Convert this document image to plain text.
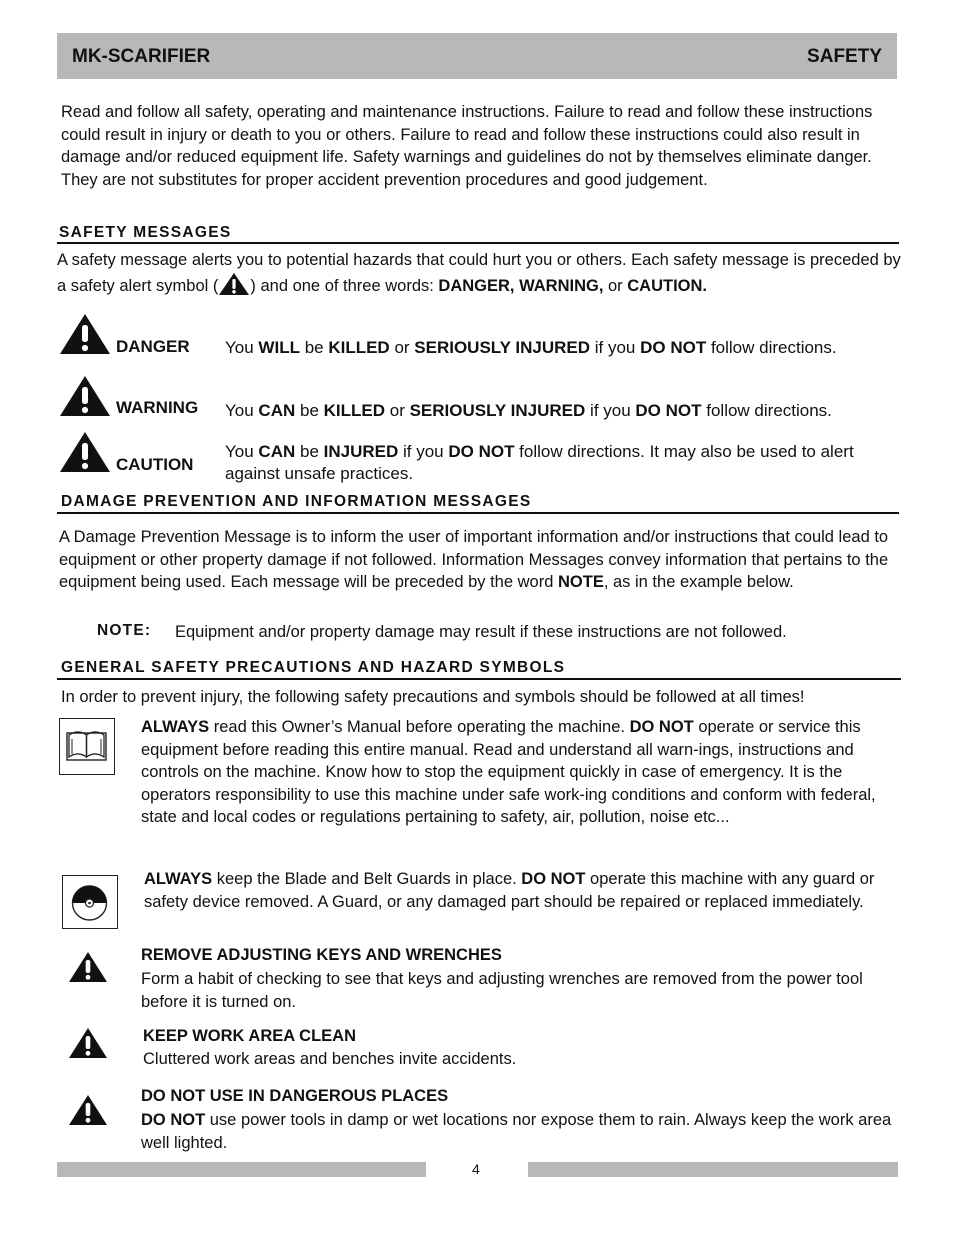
MK-SCARIFIER	SAFETY
Read and follow all safety, operating and maintenance instructions. Failure to read and follow these instructions could result in injury or death to you or others. Failure to read and follow these instructions could also result in damage and/or reduced equipment life. Safety warnings and guidelines do not by themselves eliminate danger. They are not substitutes for proper accident prevention procedures and good judgement.
SAFETY MESSAGES
A safety message alerts you to potential hazards that could hurt you or others. Each safety message is preceded by a safety alert symbol ( ) and one of three words: DANGER, WARNING, or CAUTION.
DANGER You WILL be KILLED or SERIOUSLY INJURED if you DO NOT follow directions.
WARNING You CAN be KILLED or SERIOUSLY INJURED if you DO NOT follow directions.
CAUTION
You CAN be INJURED if you DO NOT follow directions. It may also be used to alert against unsafe practices.
DAMAGE PREVENTION AND INFORMATION MESSAGES
A Damage Prevention Message is to inform the user of important information and/or instructions that could lead to equipment or other property damage if not followed. Information Messages convey information that pertains to the equipment being used. Each message will be preceded by the word NOTE, as in the example below.
NOTE: Equipment and/or property damage may result if these instructions are not followed.
GENERAL SAFETY PRECAUTIONS AND HAZARD SYMBOLS
In order to prevent injury, the following safety precautions and symbols should be followed at all times!
ALWAYS read this Owner’s Manual before operating the machine. DO NOT operate or service this equipment before reading this entire manual. Read and understand all warn-ings, instructions and controls on the machine. Know how to stop the equipment quickly in case of emergency. It is the operators responsibility to use this machine under safe work-ing conditions and conform with federal, state and local codes or regulations pertaining to safety, air, pollution, noise etc...
ALWAYS keep the Blade and Belt Guards in place. DO NOT operate this machine with any guard or safety device removed. A Guard, or any damaged part should be repaired or replaced immediately.
REMOVE ADJUSTING KEYS AND WRENCHES
Form a habit of checking to see that keys and adjusting wrenches are removed from the power tool before it is turned on.
KEEP WORK AREA CLEAN
Cluttered work areas and benches invite accidents.
DO NOT USE IN DANGEROUS PLACES
DO NOT use power tools in damp or wet locations nor expose them to rain. Always keep the work area well lighted.
4
